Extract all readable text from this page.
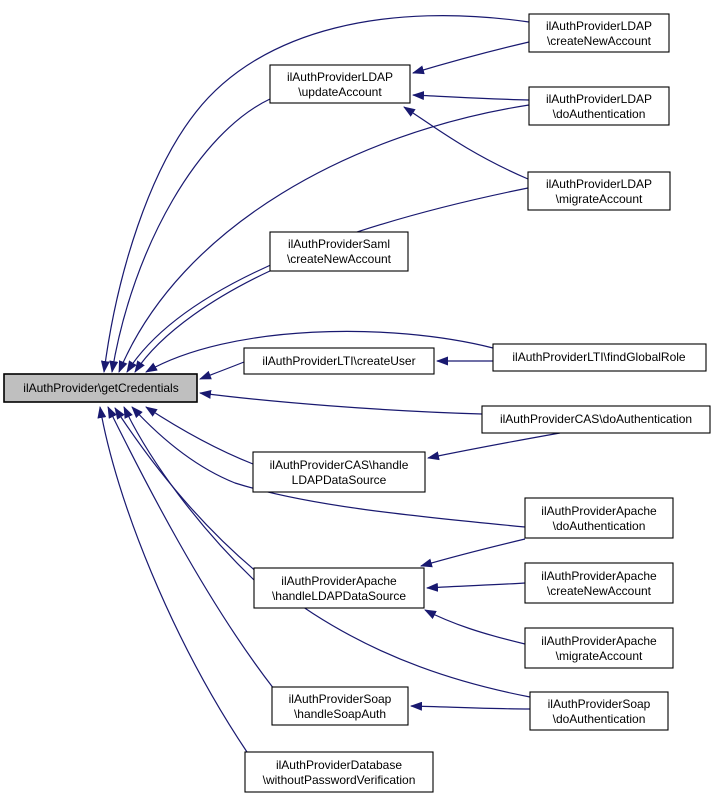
ilAuthProvider\getCredentials
ilAuthProviderLDAP
\createNewAccount
ilAuthProviderLDAP
\updateAccount	ilAuthProviderLDAP
\doAuthentication
ilAuthProviderLDAP
\migrateAccount
ilAuthProviderSaml
\createNewAccount
ilAuthProviderLTI\createUser	ilAuthProviderLTI\findGlobalRole
ilAuthProviderCAS\doAuthentication
ilAuthProviderCAS\handle
LDAPDataSource
ilAuthProviderApache
\doAuthentication
ilAuthProviderApache
\handleLDAPDataSource
ilAuthProviderApache
\createNewAccount
ilAuthProviderApache
\migrateAccount
ilAuthProviderSoap
\handleSoapAuth
ilAuthProviderSoap
\doAuthentication
ilAuthProviderDatabase
\withoutPasswordVerification
